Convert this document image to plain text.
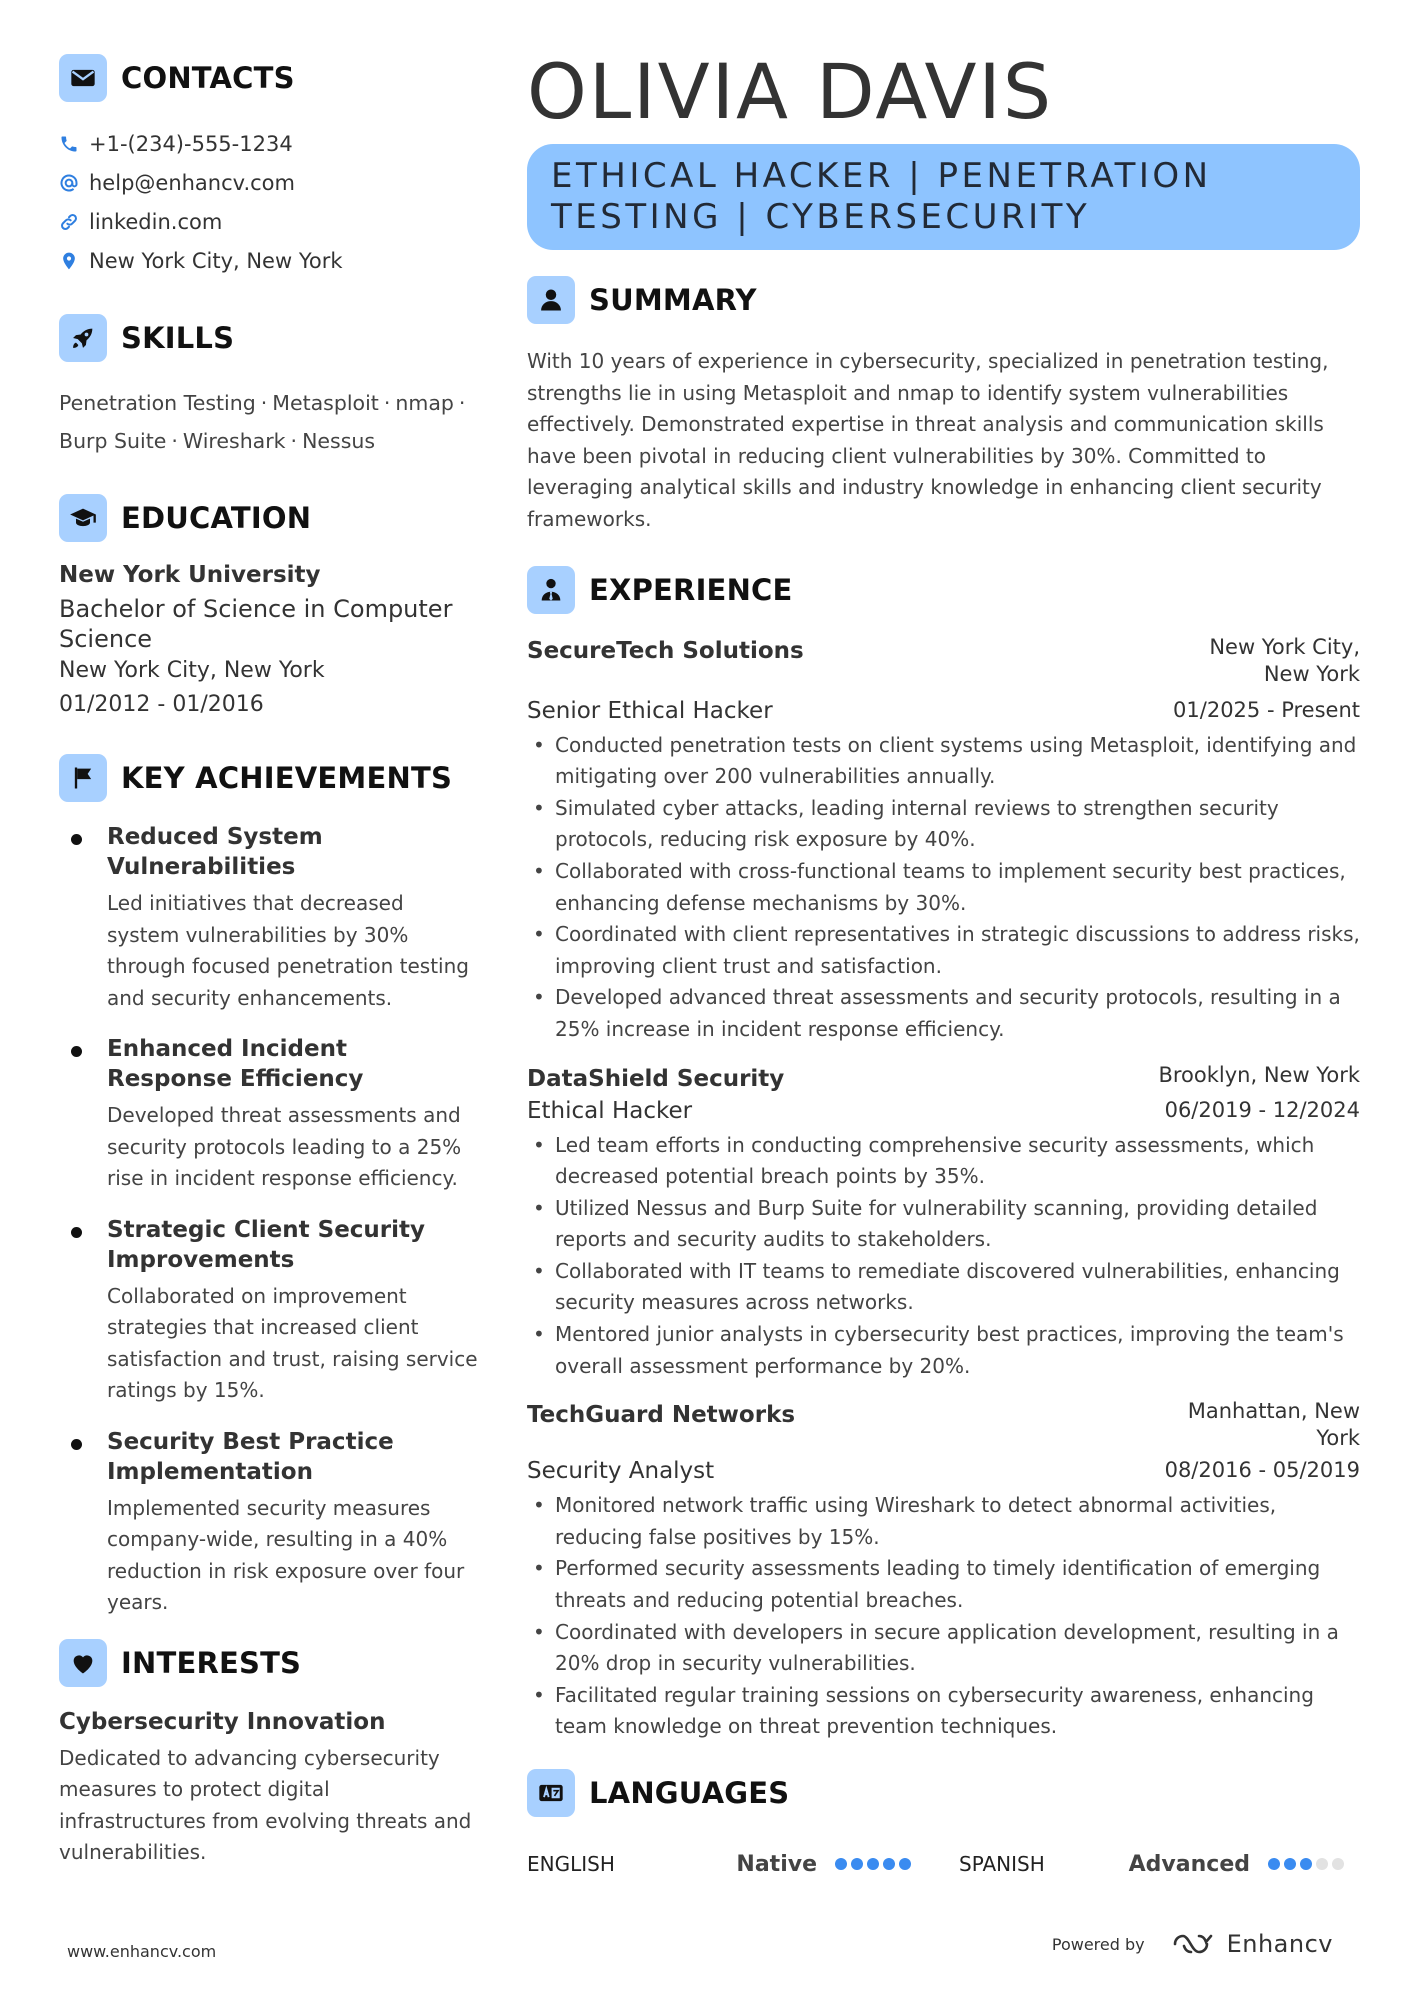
CONTACTS
+1-(234)-555-1234
help@enhancv.com
linkedin.com
New York City, New York
SKILLS
Penetration Testing · Metasploit · nmap ·
Burp Suite · Wireshark · Nessus
EDUCATION
New York University
Bachelor of Science in Computer Science
New York City, New York
01/2012 - 01/2016
KEY ACHIEVEMENTS
Reduced System Vulnerabilities
Led initiatives that decreased system vulnerabilities by 30% through focused penetration testing and security enhancements.
Enhanced Incident Response Efficiency
Developed threat assessments and security protocols leading to a 25% rise in incident response efficiency.
Strategic Client Security Improvements
Collaborated on improvement strategies that increased client satisfaction and trust, raising service ratings by 15%.
Security Best Practice Implementation
Implemented security measures company-wide, resulting in a 40% reduction in risk exposure over four years.
INTERESTS
Cybersecurity Innovation
Dedicated to advancing cybersecurity measures to protect digital infrastructures from evolving threats and vulnerabilities.
OLIVIA DAVIS
ETHICAL HACKER | PENETRATION TESTING | CYBERSECURITY
SUMMARY
With 10 years of experience in cybersecurity, specialized in penetration testing, strengths lie in using Metasploit and nmap to identify system vulnerabilities effectively. Demonstrated expertise in threat analysis and communication skills have been pivotal in reducing client vulnerabilities by 30%. Committed to leveraging analytical skills and industry knowledge in enhancing client security frameworks.
EXPERIENCE
SecureTech Solutions	New York City, New York
Senior Ethical Hacker	01/2025 - Present
• Conducted penetration tests on client systems using Metasploit, identifying and mitigating over 200 vulnerabilities annually.
• Simulated cyber attacks, leading internal reviews to strengthen security protocols, reducing risk exposure by 40%.
• Collaborated with cross-functional teams to implement security best practices, enhancing defense mechanisms by 30%.
• Coordinated with client representatives in strategic discussions to address risks, improving client trust and satisfaction.
• Developed advanced threat assessments and security protocols, resulting in a 25% increase in incident response efficiency.
DataShield Security	Brooklyn, New York
Ethical Hacker	06/2019 - 12/2024
• Led team efforts in conducting comprehensive security assessments, which decreased potential breach points by 35%.
• Utilized Nessus and Burp Suite for vulnerability scanning, providing detailed reports and security audits to stakeholders.
• Collaborated with IT teams to remediate discovered vulnerabilities, enhancing security measures across networks.
• Mentored junior analysts in cybersecurity best practices, improving the team's overall assessment performance by 20%.
TechGuard Networks	Manhattan, New York
Security Analyst	08/2016 - 05/2019
• Monitored network traffic using Wireshark to detect abnormal activities, reducing false positives by 15%.
• Performed security assessments leading to timely identification of emerging threats and reducing potential breaches.
• Coordinated with developers in secure application development, resulting in a 20% drop in security vulnerabilities.
• Facilitated regular training sessions on cybersecurity awareness, enhancing team knowledge on threat prevention techniques.
LANGUAGES
ENGLISH	Native	SPANISH	Advanced
www.enhancv.com	Powered by	Enhancv
